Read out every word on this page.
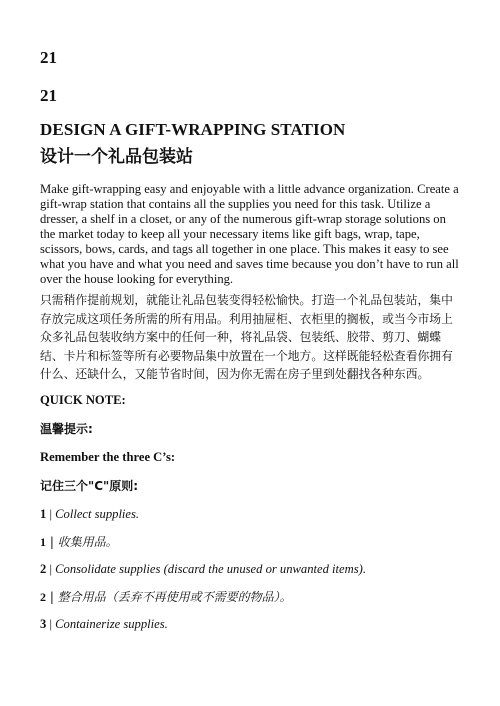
21

21

DESIGN A GIFT-WRAPPING STATION
设计一个礼品包装站

Make gift-wrapping easy and enjoyable with a little advance organization. Create a gift-wrap station that contains all the supplies you need for this task. Utilize a dresser, a shelf in a closet, or any of the numerous gift-wrap storage solutions on the market today to keep all your necessary items like gift bags, wrap, tape, scissors, bows, cards, and tags all together in one place. This makes it easy to see what you have and what you need and saves time because you don’t have to run all over the house looking for everything.

只需稍作提前规划，就能让礼品包装变得轻松愉快。打造一个礼品包装站，集中存放完成这项任务所需的所有用品。利用抽屉柜、衣柜里的搁板，或当今市场上众多礼品包装收纳方案中的任何一种，将礼品袋、包装纸、胶带、剪刀、蝴蝶结、卡片和标签等所有必要物品集中放置在一个地方。这样既能轻松查看你拥有什么、还缺什么，又能节省时间，因为你无需在房子里到处翻找各种东西。

QUICK NOTE:

温馨提示:

Remember the three C’s:

记住三个"C"原则:

1 | Collect supplies.

1 | 收集用品。

2 | Consolidate supplies (discard the unused or unwanted items).

2 | 整合用品（丢弃不再使用或不需要的物品）。

3 | Containerize supplies.
